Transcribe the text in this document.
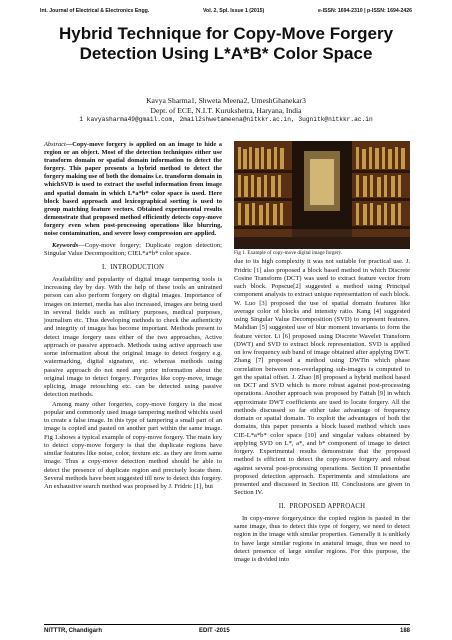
Int. Journal of Electrical & Electronics Engg.	Vol. 2, Spl. Issue 1 (2015)	e-ISSN: 1694-2310 | p-ISSN: 1694-2426
Hybrid Technique for Copy-Move Forgery
Detection Using L*A*B* Color Space
Kavya Sharma1, Shweta Meena2, UmeshGhanekar3
Dept. of ECE, N.I.T. Kurukshetra, Haryana, India
1 kavyasharma49@gmail.com, 2mail2shwetameena@nitkkr.ac.in, 3ugnitk@nitkkr.ac.in

Abstract—Copy-move forgery is applied on an image to hide a region or an object. Most of the detection techniques either use transform domain or spatial domain information to detect the forgery. This paper presents a hybrid method to detect the forgery making use of both the domains i.e. transform domain in whichSVD is used to extract the useful information from image and spatial domain in which L*a*b* color space is used. Here block based approach and lexicographical sorting is used to group matching feature vectors. Obtained experimental results demonstrate that proposed method efficiently detects copy-move forgery even when post-processing operations like blurring, noise contamination, and severe lossy compression are applied.

Keywords—Copy-move forgery; Duplicate region detection; Singular Value Decomposition; CIEL*a*b* color space.

I. INTRODUCTION

Availability and popularity of digital image tampering tools is increasing day by day. With the help of these tools an untrained person can also perform forgery on digital images. Importance of images on internet, media has also increased, images are being used in several fields such as military purposes, medical purposes, journalism etc. Thus developing methods to check the authenticity and integrity of images has become important. Methods present to detect image forgery uses either of the two approaches, Active approach or passive approach. Methods using active approach use some information about the original image to detect forgery e.g. watermarking, digital signature, etc. whereas methods using passive approach do not need any prior information about the original image to detect forgery. Forgeries like copy-move, image splicing, image retouching etc. can be detected using passive detection methods.

Among many other forgeries, copy-move forgery is the most popular and commonly used image tampering method whichis used to create a false image. In this type of tampering a small part of an image is copied and pasted on another part within the same image. Fig 1.shows a typical example of copy-move forgery. The main key to detect copy-move forgery is that the duplicate regions have similar features like noise, color, texture etc. as they are from same image. Thus a copy-move detection method should be able to detect the presence of duplicate region and precisely locate them. Several methods have been suggested till now to detect this forgery. An exhaustive search method was proposed by J. Fridric [1], but

Fig 1. Example of copy-move digital image forgery.

due to its high complexity it was not suitable for practical use. J. Fridric [1] also proposed a block based method in which Discrete Cosine Transform (DCT) was used to extract feature vector from each block. Popscue[2] suggested a method using Principal component analysis to extract unique representation of each block. W. Luo [3] proposed the use of spatial domain features like average color of blocks and intensity ratio. Kang [4] suggested using Singular Value Decomposition (SVD) to represent features. Mahdian [5] suggested use of blur moment invariants to form the feature vector. Li [6] proposed using Discrete Wavelet Transform (DWT) and SVD to extract block representation. SVD is applied on low frequency sub band of image obtained after applying DWT. Zhang [7] proposed a method using DWTin which phase correlation between non-overlapping sub-images is computed to get the spatial offset. J. Zhao [8] proposed a hybrid method based on DCT and SVD which is more robust against post-processing operations. Another approach was proposed by Fattah [9] in which approximate DWT coefficients are used to locate forgery. All the methods discussed so far either take advantage of frequency domain or spatial domain. To exploit the advantages of both the domains, this paper presents a block based method which uses CIE-L*a*b* color space [10] and singular values obtained by applying SVD on L*, a*, and b* component of image to detect forgery. Experimental results demonstrate that the proposed method is efficient to detect the copy-move forgery and robust against several post-processing operations. Section II presentsthe proposed detection approach. Experiments and simulations are presented and discussed in Section III. Conclusions are given in Section IV.

II. PROPOSED APPROACH

In copy-move forgery,since the copied region is pasted in the same image, thus to detect this type of forgery, we need to detect region in the image with similar properties. Generally it is unlikely to have large similar regions in anatural image, thus we need to detect presence of large similar regions. For this purpose, the image is divided into

NITTTR, Chandigarh	EDIT -2015	188
